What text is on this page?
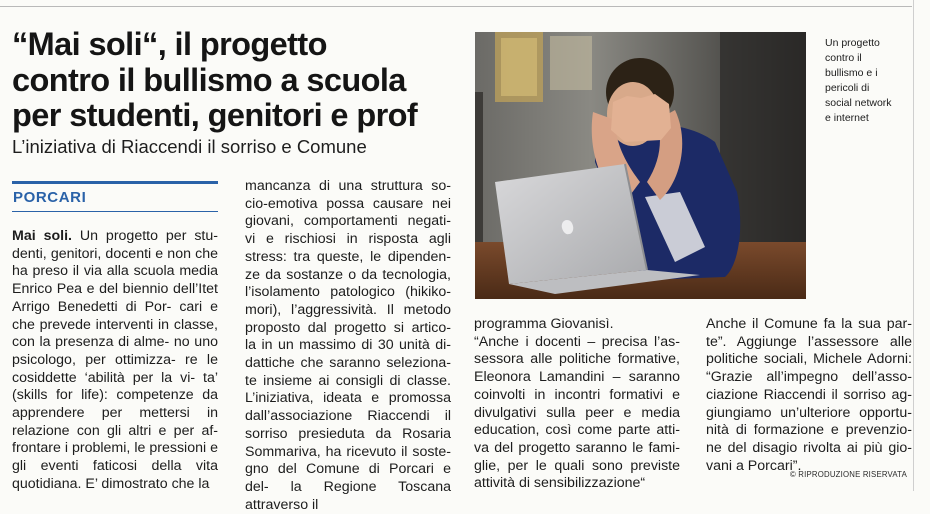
“Mai soli“, il progetto
contro il bullismo a scuola
per studenti, genitori e prof

L’iniziativa di Riaccendi il sorriso e Comune

PORCARI

Mai soli. Un progetto per stu- denti, genitori, docenti e non che ha preso il via alla scuola media Enrico Pea e del biennio dell’Itet Arrigo Benedetti di Por- cari e che prevede interventi in classe, con la presenza di alme- no uno psicologo, per ottimizza- re le cosiddette ‘abilità per la vi- ta’ (skills for life): competenze da apprendere per mettersi in relazione con gli altri e per af- frontare i problemi, le pressioni e gli eventi faticosi della vita quotidiana. E’ dimostrato che la

mancanza di una struttura so- cio-emotiva possa causare nei giovani, comportamenti negati- vi e rischiosi in risposta agli stress: tra queste, le dipenden- ze da sostanze o da tecnologia, l’isolamento patologico (hikiko- mori), l’aggressività. Il metodo proposto dal progetto si artico- la in un massimo di 30 unità di- dattiche che saranno seleziona- te insieme ai consigli di classe. L’iniziativa, ideata e promossa dall’associazione Riaccendi il sorriso presieduta da Rosaria Sommariva, ha ricevuto il soste- gno del Comune di Porcari e del- la Regione Toscana attraverso il

Un progetto
contro il
bullismo e i
pericoli di
social network
e internet

programma Giovanisì.
“Anche i docenti – precisa l’as- sessora alle politiche formative, Eleonora Lamandini – saranno coinvolti in incontri formativi e divulgativi sulla peer e media education, così come parte atti- va del progetto saranno le fami- glie, per le quali sono previste attività di sensibilizzazione“

Anche il Comune fa la sua par- te”. Aggiunge l’assessore alle politiche sociali, Michele Adorni: “Grazie all’impegno dell’asso- ciazione Riaccendi il sorriso ag- giungiamo un’ulteriore opportu- nità di formazione e prevenzio- ne del disagio rivolta ai più gio- vani a Porcari”.

© RIPRODUZIONE RISERVATA
